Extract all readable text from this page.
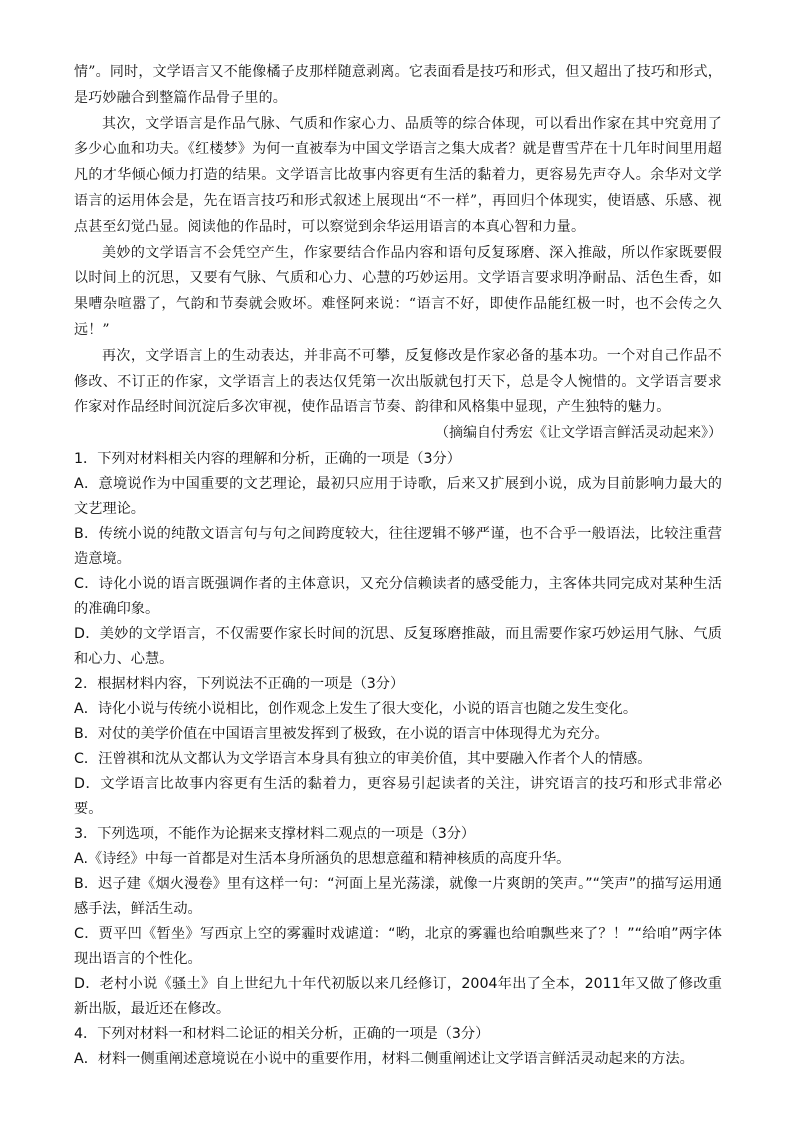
情”。同时，文学语言又不能像橘子皮那样随意剥离。它表面看是技巧和形式，但又超出了技巧和形式，是巧妙融合到整篇作品骨子里的。

其次，文学语言是作品气脉、气质和作家心力、品质等的综合体现，可以看出作家在其中究竟用了多少心血和功夫。《红楼梦》为何一直被奉为中国文学语言之集大成者？就是曹雪芹在十几年时间里用超凡的才华倾心倾力打造的结果。文学语言比故事内容更有生活的黏着力，更容易先声夺人。余华对文学语言的运用体会是，先在语言技巧和形式叙述上展现出“不一样”，再回归个体现实，使语感、乐感、视点甚至幻觉凸显。阅读他的作品时，可以察觉到余华运用语言的本真心智和力量。

美妙的文学语言不会凭空产生，作家要结合作品内容和语句反复琢磨、深入推敲，所以作家既要假以时间上的沉思，又要有气脉、气质和心力、心慧的巧妙运用。文学语言要求明净耐品、活色生香，如果嘈杂喧嚣了，气韵和节奏就会败坏。难怪阿来说：“语言不好，即使作品能红极一时，也不会传之久远！”

再次，文学语言上的生动表达，并非高不可攀，反复修改是作家必备的基本功。一个对自己作品不修改、不订正的作家，文学语言上的表达仅凭第一次出版就包打天下，总是令人惋惜的。文学语言要求作家对作品经时间沉淀后多次审视，使作品语言节奏、韵律和风格集中显现，产生独特的魅力。

（摘编自付秀宏《让文学语言鲜活灵动起来》）

1．下列对材料相关内容的理解和分析，正确的一项是（3分）

A．意境说作为中国重要的文艺理论，最初只应用于诗歌，后来又扩展到小说，成为目前影响力最大的文艺理论。

B．传统小说的纯散文语言句与句之间跨度较大，往往逻辑不够严谨，也不合乎一般语法，比较注重营造意境。

C．诗化小说的语言既强调作者的主体意识，又充分信赖读者的感受能力，主客体共同完成对某种生活的准确印象。

D．美妙的文学语言，不仅需要作家长时间的沉思、反复琢磨推敲，而且需要作家巧妙运用气脉、气质和心力、心慧。

2．根据材料内容，下列说法不正确的一项是（3分）

A．诗化小说与传统小说相比，创作观念上发生了很大变化，小说的语言也随之发生变化。

B．对仗的美学价值在中国语言里被发挥到了极致，在小说的语言中体现得尤为充分。

C．汪曾祺和沈从文都认为文学语言本身具有独立的审美价值，其中要融入作者个人的情感。

D．文学语言比故事内容更有生活的黏着力，更容易引起读者的关注，讲究语言的技巧和形式非常必要。

3．下列选项，不能作为论据来支撑材料二观点的一项是（3分）

A.《诗经》中每一首都是对生活本身所涵负的思想意蕴和精神核质的高度升华。

B．迟子建《烟火漫卷》里有这样一句：“河面上星光荡漾，就像一片爽朗的笑声。”“笑声”的描写运用通感手法，鲜活生动。

C．贾平凹《暂坐》写西京上空的雾霾时戏谑道：“哟，北京的雾霾也给咱飘些来了？！”“给咱”两字体现出语言的个性化。

D．老村小说《骚土》自上世纪九十年代初版以来几经修订，2004年出了全本，2011年又做了修改重新出版，最近还在修改。

4．下列对材料一和材料二论证的相关分析，正确的一项是（3分）

A．材料一侧重阐述意境说在小说中的重要作用，材料二侧重阐述让文学语言鲜活灵动起来的方法。
